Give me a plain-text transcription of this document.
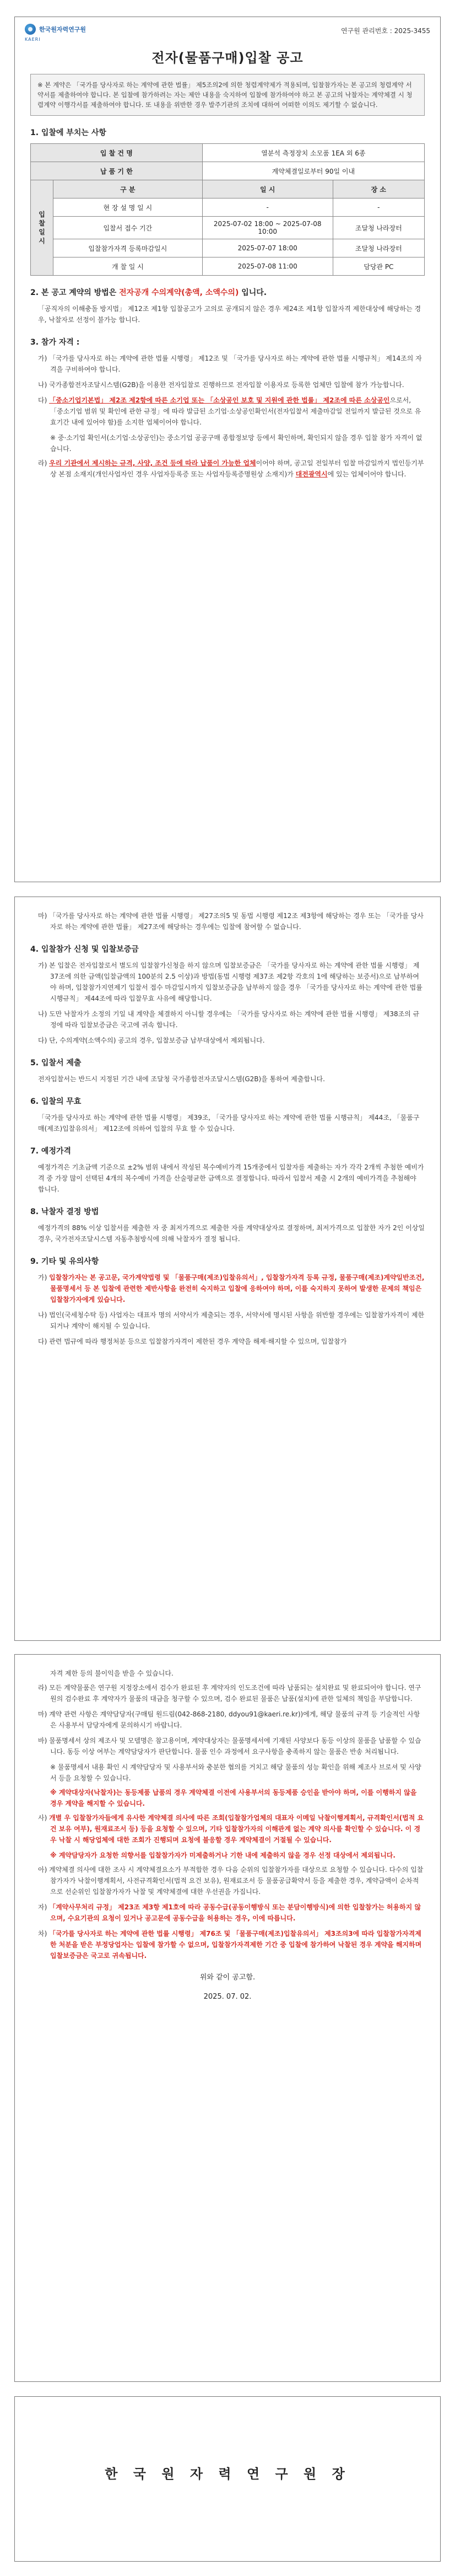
한국원자력연구원
KAERI
연구원 관리번호 : 2025-3455
전자(물품구매)입찰 공고
※ 본 계약은 「국가를 당사자로 하는 계약에 관한 법률」 제5조의2에 의한 청렴계약제가 적용되며, 입찰참가자는 본 공고의 청렴계약 서약서를 제출하여야 합니다. 본 입찰에 참가하려는 자는 제안 내용을 숙지하여 입찰에 참가하여야 하고 본 공고의 낙찰자는 계약체결 시 청렴계약 이행각서를 제출하여야 합니다. 또 내용을 위반한 경우 발주기관의 조치에 대하여 어떠한 이의도 제기할 수 없습니다.
1. 입찰에 부치는 사항
입 찰 건 명		열분석 측정장치 소모품 1EA 외 6종	
납 품 기 한		계약체결일로부터 90일 이내	
입 찰 일 시	구 분	일 시	장 소
	현 장 설 명 일 시	-	-
	입찰서 접수 기간	2025-07-02 18:00 ~ 2025-07-08 10:00	조달청 나라장터
	입찰참가자격 등록마감일시	2025-07-07 18:00	조달청 나라장터
	개 찰 일 시	2025-07-08 11:00	담당관 PC
2. 본 공고 계약의 방법은 전자공개 수의계약(총액, 소액수의) 입니다.
「공직자의 이해충돌 방지법」 제12조 제1항 입찰공고가 고의로 공개되지 않은 경우 제24조 제1항 입찰자격 제한대상에 해당하는 경우, 낙찰자로 선정이 불가능 합니다.
3. 참가 자격 :
가) 「국가를 당사자로 하는 계약에 관한 법률 시행령」 제12조 및 「국가를 당사자로 하는 계약에 관한 법률 시행규칙」 제14조의 자격을 구비하여야 합니다.
나) 국가종합전자조달시스템(G2B)을 이용한 전자입찰로 진행하므로 전자입찰 이용자로 등록한 업체만 입찰에 참가 가능합니다.
다) 「중소기업기본법」 제2조 제2항에 따른 소기업 또는 「소상공인 보호 및 지원에 관한 법률」 제2조에 따른 소상공인으로서, 「중소기업 범위 및 확인에 관한 규정」에 따라 발급된 소기업·소상공인확인서(전자입찰서 제출마감일 전일까지 발급된 것으로 유효기간 내에 있어야 함)를 소지한 업체이어야 합니다.
※ 중·소기업 확인서(소기업·소상공인)는 중소기업 공공구매 종합정보망 등에서 확인하며, 확인되지 않을 경우 입찰 참가 자격이 없습니다.
라) 우리 기관에서 제시하는 규격, 사양, 조건 등에 따라 납품이 가능한 업체이어야 하며, 공고일 전일부터 입찰 마감일까지 법인등기부상 본점 소재지(개인사업자인 경우 사업자등록증 또는 사업자등록증명원상 소재지)가 대전광역시에 있는 업체이어야 합니다.
마) 「국가를 당사자로 하는 계약에 관한 법률 시행령」 제27조의5 및 동법 시행령 제12조 제3항에 해당하는 경우 또는 「국가를 당사자로 하는 계약에 관한 법률」 제27조에 해당하는 경우에는 입찰에 참여할 수 없습니다.
4. 입찰참가 신청 및 입찰보증금
가) 본 입찰은 전자입찰로서 별도의 입찰참가신청을 하지 않으며 입찰보증금은 「국가를 당사자로 하는 계약에 관한 법률 시행령」 제37조에 의한 금액(입찰금액의 100분의 2.5 이상)과 방법(동법 시행령 제37조 제2항 각호의 1에 해당하는 보증서)으로 납부하여야 하며, 입찰참가지연제기 입찰서 접수 마감일시까지 입찰보증금을 납부하지 않을 경우 「국가를 당사자로 하는 계약에 관한 법률 시행규칙」 제44조에 따라 입찰무효 사유에 해당합니다.
나) 도만 낙찰자가 소정의 기일 내 계약을 체결하지 아니할 경우에는 「국가를 당사자로 하는 계약에 관한 법률 시행령」 제38조의 규정에 따라 입찰보증금은 국고에 귀속 합니다.
다) 단, 수의계약(소액수의) 공고의 경우, 입찰보증금 납부대상에서 제외됩니다.
5. 입찰서 제출
전자입찰서는 반드시 지정된 기간 내에 조달청 국가종합전자조달시스템(G2B)을 통하여 제출합니다.
6. 입찰의 무효
「국가를 당사자로 하는 계약에 관한 법률 시행령」 제39조, 「국가를 당사자로 하는 계약에 관한 법률 시행규칙」 제44조, 「물품구매(제조)입찰유의서」 제12조에 의하여 입찰의 무효 할 수 있습니다.
7. 예정가격
예정가격은 기초금액 기준으로 ±2% 범위 내에서 작성된 복수예비가격 15개중에서 입찰자를 제출하는 자가 각각 2개씩 추첨한 예비가격 중 가장 많이 선택된 4개의 복수예비 가격을 산술평균한 금액으로 결정합니다. 따라서 입찰서 제출 시 2개의 예비가격을 추첨해야 합니다.
8. 낙찰자 결정 방법
예정가격의 88% 이상 입찰서를 제출한 자 중 최저가격으로 제출한 자를 계약대상자로 결정하며, 최저가격으로 입찰한 자가 2인 이상일 경우, 국가전자조달시스템 자동추첨방식에 의해 낙찰자가 결정 됩니다.
9. 기타 및 유의사항
가) 입찰참가자는 본 공고문, 국가계약법령 및 「물품구매(제조)입찰유의서」, 입찰참가자격 등록 규정, 물품구매(제조)계약일반조건, 물품명세서 등 본 입찰에 관련한 제반사항을 완전히 숙지하고 입찰에 응하여야 하며, 이를 숙지하지 못하여 발생한 문제의 책임은 입찰참가자에게 있습니다.
나) 법인(국세청수탁 등) 사업자는 대표자 명의 서약서가 제출되는 경우, 서약서에 명시된 사항을 위반할 경우에는 입찰참가자격이 제한되거나 계약이 해지될 수 있습니다.
다) 관련 법규에 따라 행정처분 등으로 입찰참가자격이 제한된 경우 계약을 해제·해지할 수 있으며, 입찰참가
자격 제한 등의 불이익을 받을 수 있습니다.
라) 모든 계약물품은 연구원 지정장소에서 검수가 완료된 후 계약자의 인도조건에 따라 납품되는 설치완료 및 완료되어야 합니다. 연구원의 검수완료 후 계약자가 물품의 대금을 청구할 수 있으며, 검수 완료된 물품은 납품(설치)에 관한 일체의 책임을 부담합니다.
마) 계약 관련 사항은 계약담당자(구매팀 원드림(042-868-2180, ddyou91@kaeri.re.kr))에게, 해당 물품의 규격 등 기술적인 사항은 사용부서 담당자에게 문의하시기 바랍니다.
바) 물품명세서 상의 제조사 및 모델명은 참고용이며, 계약대상자는 물품명세서에 기재된 사양보다 동등 이상의 물품을 납품할 수 있습니다. 동등 이상 여부는 계약담당자가 판단합니다. 물품 인수 과정에서 요구사항을 충족하지 않는 물품은 반송 처리됩니다.
※ 물품명세서 내용 확인 시 계약담당자 및 사용부서와 충분한 협의를 거치고 해당 물품의 성능 확인을 위해 제조사 브로셔 및 사양서 등을 요청할 수 있습니다.
※ 계약대상자(낙찰자)는 동등제품 납품의 경우 계약체결 이전에 사용부서의 동등제품 승인을 받아야 하며, 이를 이행하지 않을 경우 계약을 해지할 수 있습니다.
사) 개별 우 입찰참가자들에게 유사한 계약체결 의사에 따른 조회(입찰참가업체의 대표자 이메일 낙찰이행계획서, 규격확인서(법적 요건 보유 여부), 원재료조서 등) 등을 요청할 수 있으며, 기타 입찰참가자의 이해관계 없는 계약 의사를 확인할 수 있습니다. 이 경우 낙찰 시 해당업체에 대한 조회가 진행되며 요청에 불응할 경우 계약체결이 거절될 수 있습니다.
※ 계약담당자가 요청한 의향서를 입찰참가자가 미제출하거나 기한 내에 제출하지 않을 경우 선정 대상에서 제외됩니다.
아) 계약체결 의사에 대한 조사 시 계약체결요소가 부적합한 경우 다음 순위의 입찰참가자를 대상으로 요청할 수 있습니다. 다수의 입찰참가자가 낙찰이행계획서, 사전규격확인서(법적 요건 보유), 원재료조서 등 물품공급확약서 등을 제출한 경우, 계약금액이 순차적으로 선순위인 입찰참가자가 낙찰 및 계약체결에 대한 우선권을 가집니다.
자) 「계약사무처리 규정」 제23조 제3항 제1호에 따라 공동수급(공동이행방식 또는 분담이행방식)에 의한 입찰참가는 허용하지 않으며, 수요기관의 요청이 있거나 공고문에 공동수급을 허용하는 경우, 이에 따릅니다.
차) 「국가를 당사자로 하는 계약에 관한 법률 시행령」 제76조 및 「물품구매(제조)입찰유의서」 제3조의3에 따라 입찰참가자격제한 처분을 받은 부정당업자는 입찰에 참가할 수 없으며, 입찰참가자격제한 기간 중 입찰에 참가하여 낙찰된 경우 계약을 해지하며 입찰보증금은 국고로 귀속됩니다.
위와 같이 공고함.
2025. 07. 02.
한 국 원 자 력 연 구 원 장
